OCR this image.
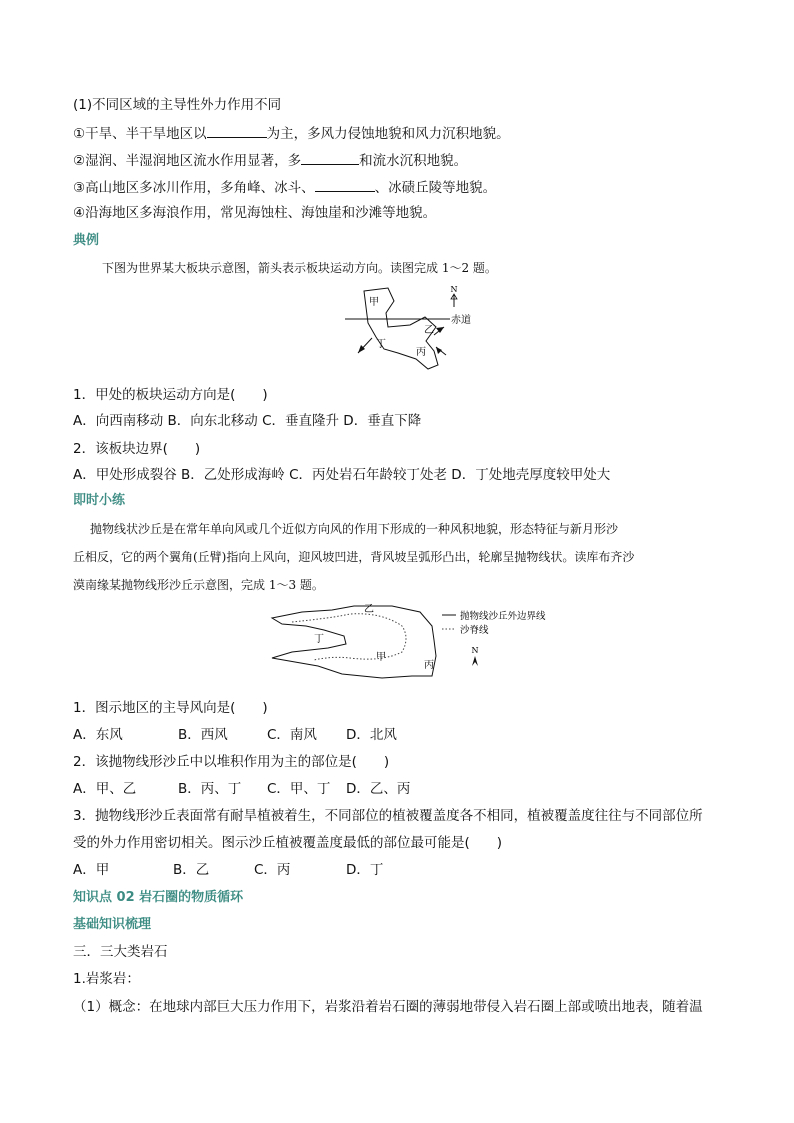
(1)不同区域的主导性外力作用不同
①干旱、半干旱地区以	为主，多风力侵蚀地貌和风力沉积地貌。
②湿润、半湿润地区流水作用显著，多	和流水沉积地貌。
③高山地区多冰川作用，多角峰、冰斗、	、冰碛丘陵等地貌。
④沿海地区多海浪作用，常见海蚀柱、海蚀崖和沙滩等地貌。
典例
下图为世界某大板块示意图，箭头表示板块运动方向。读图完成 1～2 题。
N
赤道
甲
乙
丙
丁
1．甲处的板块运动方向是(　　)
A．向西南移动 B．向东北移动 C．垂直隆升 D．垂直下降
2．该板块边界(　　)
A．甲处形成裂谷 B．乙处形成海岭 C．丙处岩石年龄较丁处老 D．丁处地壳厚度较甲处大
即时小练
抛物线状沙丘是在常年单向风或几个近似方向风的作用下形成的一种风积地貌，形态特征与新月形沙
丘相反，它的两个翼角(丘臂)指向上风向，迎风坡凹进，背风坡呈弧形凸出，轮廓呈抛物线状。读库布齐沙
漠南缘某抛物线形沙丘示意图，完成 1～3 题。
乙
丁
甲
丙
抛物线沙丘外边界线
沙脊线
N
1．图示地区的主导风向是(　　)
A．东风	B．西风	C．南风 D．北风
2．该抛物线形沙丘中以堆积作用为主的部位是(　　)
A．甲、乙	B．丙、丁 C．甲、丁 D．乙、丙
3．抛物线形沙丘表面常有耐旱植被着生，不同部位的植被覆盖度各不相同，植被覆盖度往往与不同部位所
受的外力作用密切相关。图示沙丘植被覆盖度最低的部位最可能是(　　)
A．甲	B．乙	C．丙	D．丁
知识点 02 岩石圈的物质循环
基础知识梳理
三．三大类岩石
1.岩浆岩：
（1）概念：在地球内部巨大压力作用下，岩浆沿着岩石圈的薄弱地带侵入岩石圈上部或喷出地表，随着温
